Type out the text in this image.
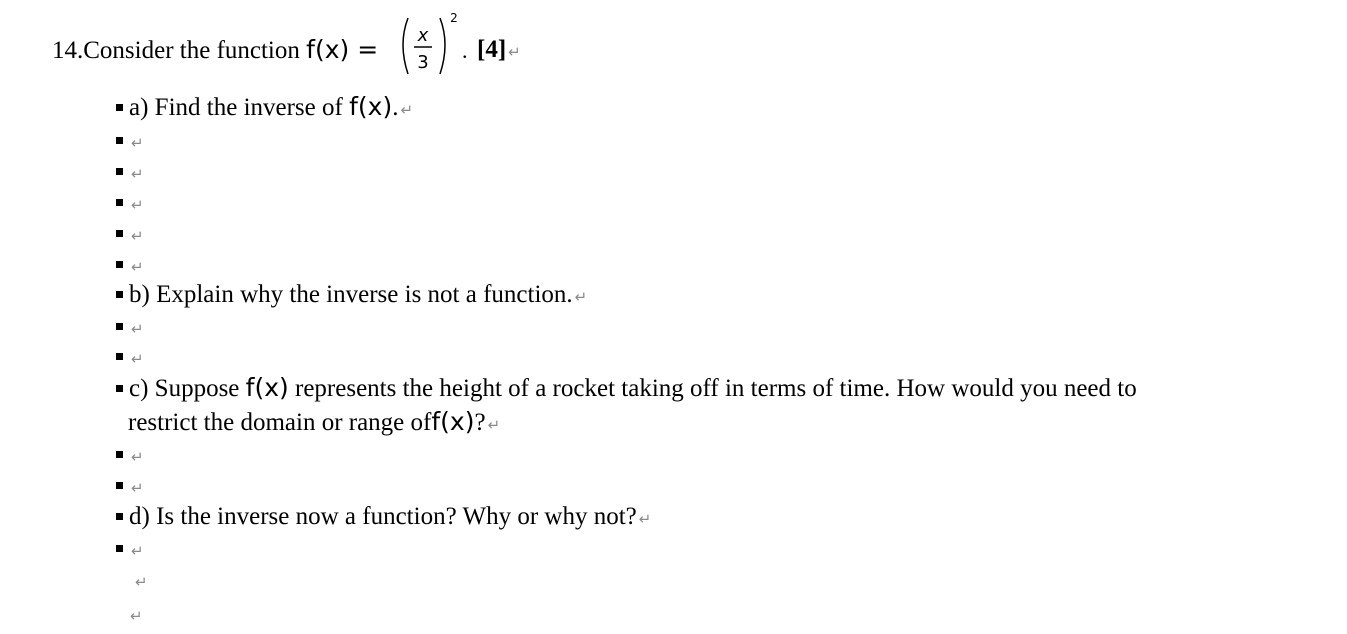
14.Consider the function f(x) = x
3
2
. [4] ↵
a) Find the inverse of f(x). ↵
↵
↵
↵
↵
↵
b) Explain why the inverse is not a function. ↵
↵
↵
c) Suppose f(x) represents the height of a rocket taking off in terms of time. How would you need to
restrict the domain or range off(x)? ↵
↵
↵
d) Is the inverse now a function? Why or why not? ↵
↵
↵
↵
